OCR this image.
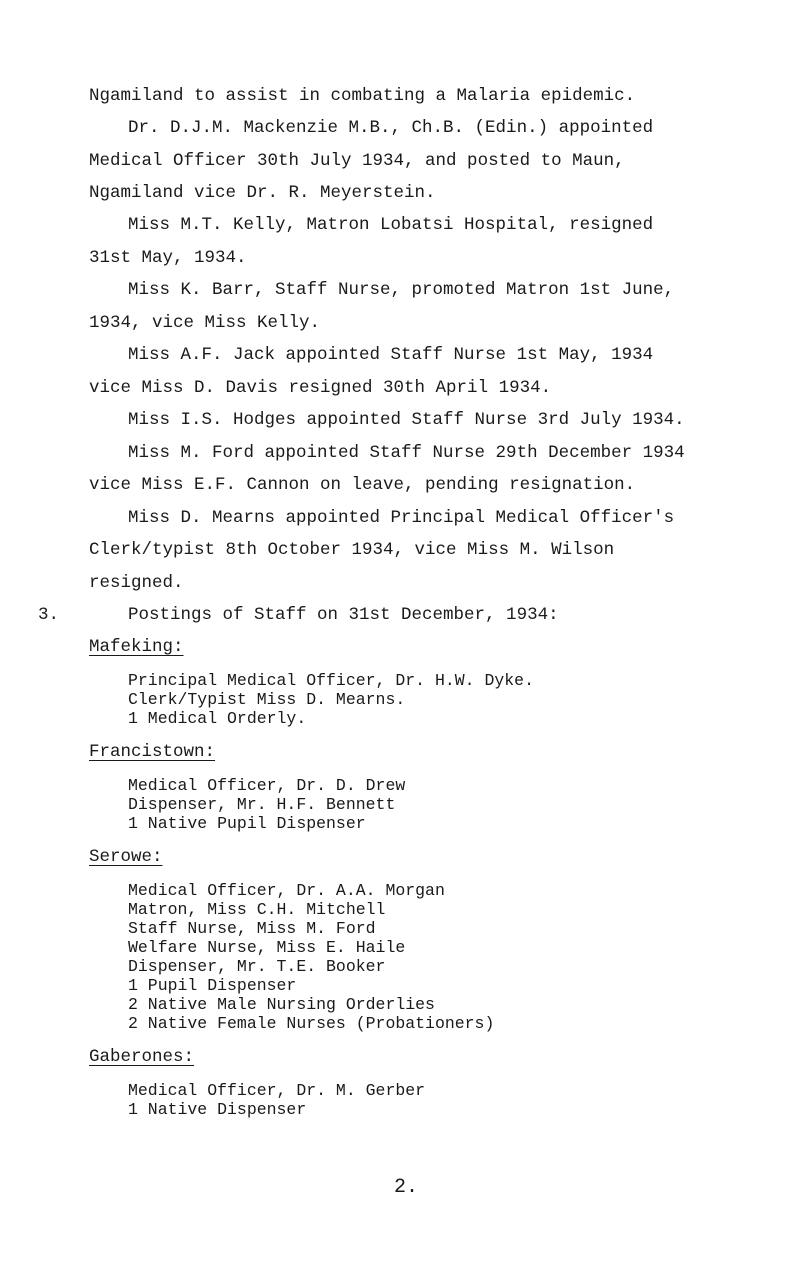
Ngamiland to assist in combating a Malaria epidemic.
Dr. D.J.M. Mackenzie M.B., Ch.B. (Edin.) appointed
Medical Officer 30th July 1934, and posted to Maun,
Ngamiland vice Dr. R. Meyerstein.
Miss M.T. Kelly, Matron Lobatsi Hospital, resigned
31st May, 1934.
Miss K. Barr, Staff Nurse, promoted Matron 1st June,
1934, vice Miss Kelly.
Miss A.F. Jack appointed Staff Nurse 1st May, 1934
vice Miss D. Davis resigned 30th April 1934.
Miss I.S. Hodges appointed Staff Nurse 3rd July 1934.
Miss M. Ford appointed Staff Nurse 29th December 1934
vice Miss E.F. Cannon on leave, pending resignation.
Miss D. Mearns appointed Principal Medical Officer's
Clerk/typist 8th October 1934, vice Miss M. Wilson
resigned.
3.	Postings of Staff on 31st December, 1934:
Mafeking:
Principal Medical Officer, Dr. H.W. Dyke.
Clerk/Typist Miss D. Mearns.
1 Medical Orderly.
Francistown:
Medical Officer, Dr. D. Drew
Dispenser, Mr. H.F. Bennett
1 Native Pupil Dispenser
Serowe:
Medical Officer, Dr. A.A. Morgan
Matron, Miss C.H. Mitchell
Staff Nurse, Miss M. Ford
Welfare Nurse, Miss E. Haile
Dispenser, Mr. T.E. Booker
1 Pupil Dispenser
2 Native Male Nursing Orderlies
2 Native Female Nurses (Probationers)
Gaberones:
Medical Officer, Dr. M. Gerber
1 Native Dispenser
2.
